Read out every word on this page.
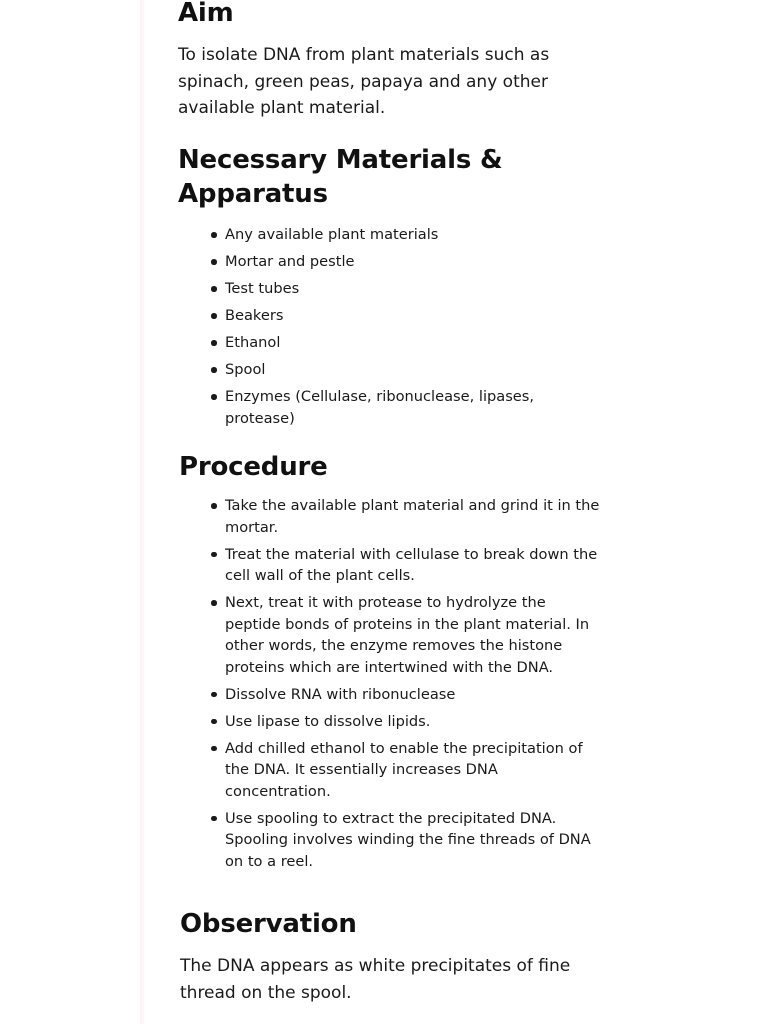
Aim

To isolate DNA from plant materials such as spinach, green peas, papaya and any other available plant material.

Necessary Materials & Apparatus
Any available plant materials
Mortar and pestle
Test tubes
Beakers
Ethanol
Spool
Enzymes (Cellulase, ribonuclease, lipases, protease)
Procedure
Take the available plant material and grind it in the mortar.
Treat the material with cellulase to break down the cell wall of the plant cells.
Next, treat it with protease to hydrolyze the peptide bonds of proteins in the plant material. In other words, the enzyme removes the histone proteins which are intertwined with the DNA.
Dissolve RNA with ribonuclease
Use lipase to dissolve lipids.
Add chilled ethanol to enable the precipitation of the DNA. It essentially increases DNA concentration.
Use spooling to extract the precipitated DNA. Spooling involves winding the fine threads of DNA on to a reel.
Observation

The DNA appears as white precipitates of fine thread on the spool.
